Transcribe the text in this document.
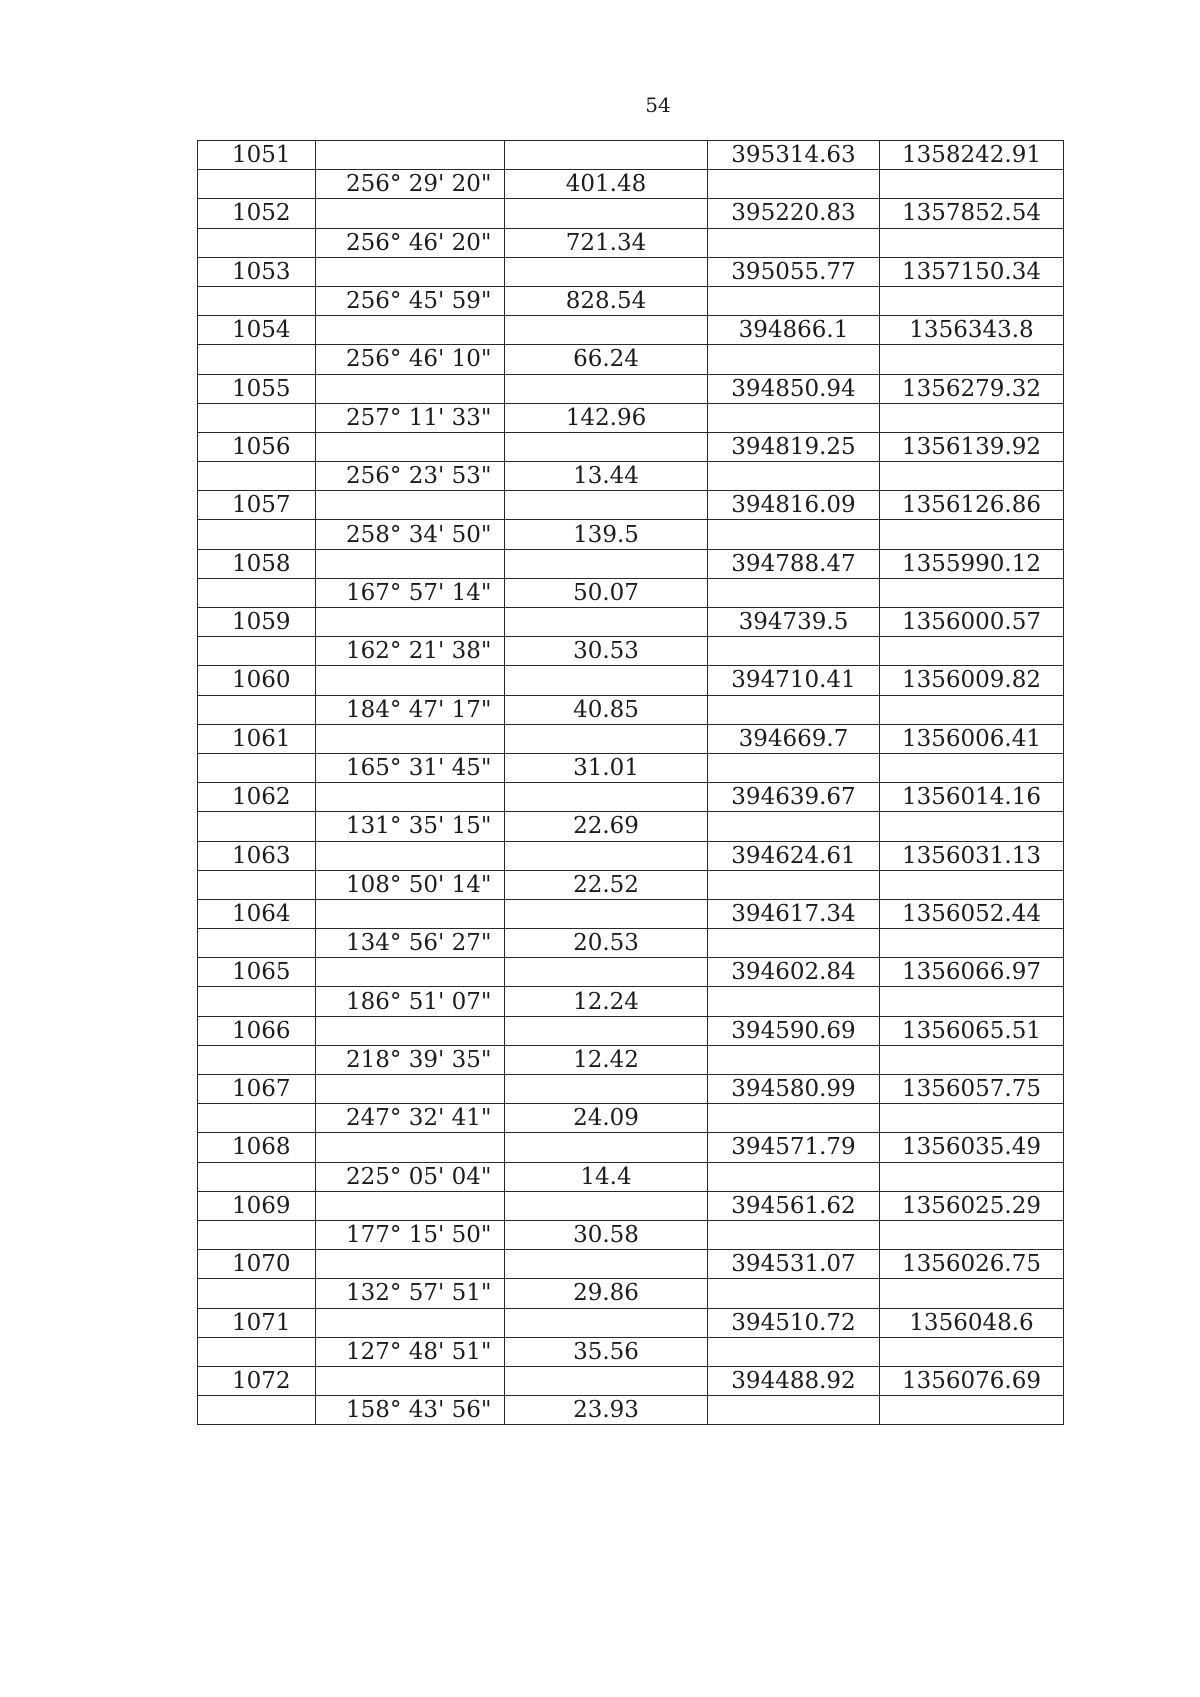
54
1051			395314.63	1358242.91
	256° 29' 20"	401.48		
1052			395220.83	1357852.54
	256° 46' 20"	721.34		
1053			395055.77	1357150.34
	256° 45' 59"	828.54		
1054			394866.1	1356343.8
	256° 46' 10"	66.24		
1055			394850.94	1356279.32
	257° 11' 33"	142.96		
1056			394819.25	1356139.92
	256° 23' 53"	13.44		
1057			394816.09	1356126.86
	258° 34' 50"	139.5		
1058			394788.47	1355990.12
	167° 57' 14"	50.07		
1059			394739.5	1356000.57
	162° 21' 38"	30.53		
1060			394710.41	1356009.82
	184° 47' 17"	40.85		
1061			394669.7	1356006.41
	165° 31' 45"	31.01		
1062			394639.67	1356014.16
	131° 35' 15"	22.69		
1063			394624.61	1356031.13
	108° 50' 14"	22.52		
1064			394617.34	1356052.44
	134° 56' 27"	20.53		
1065			394602.84	1356066.97
	186° 51' 07"	12.24		
1066			394590.69	1356065.51
	218° 39' 35"	12.42		
1067			394580.99	1356057.75
	247° 32' 41"	24.09		
1068			394571.79	1356035.49
	225° 05' 04"	14.4		
1069			394561.62	1356025.29
	177° 15' 50"	30.58		
1070			394531.07	1356026.75
	132° 57' 51"	29.86		
1071			394510.72	1356048.6
	127° 48' 51"	35.56		
1072			394488.92	1356076.69
	158° 43' 56"	23.93		
